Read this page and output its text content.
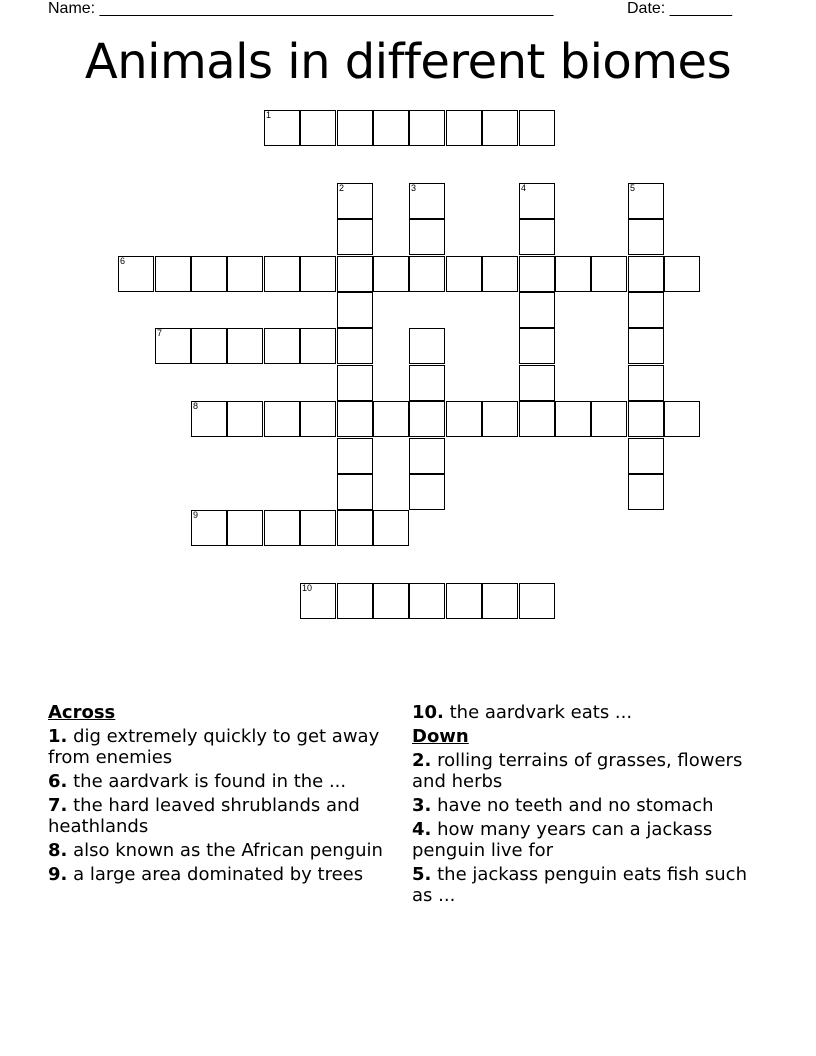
Name: ___________________________________________________	Date: _______
Animals in different biomes
1
2	3	4	5
6
7
8
9
10
Across
1. dig extremely quickly to get away from enemies
6. the aardvark is found in the ...
7. the hard leaved shrublands and heathlands
8. also known as the African penguin
9. a large area dominated by trees
10. the aardvark eats ...
Down
2. rolling terrains of grasses, flowers and herbs
3. have no teeth and no stomach
4. how many years can a jackass penguin live for
5. the jackass penguin eats fish such as ...
